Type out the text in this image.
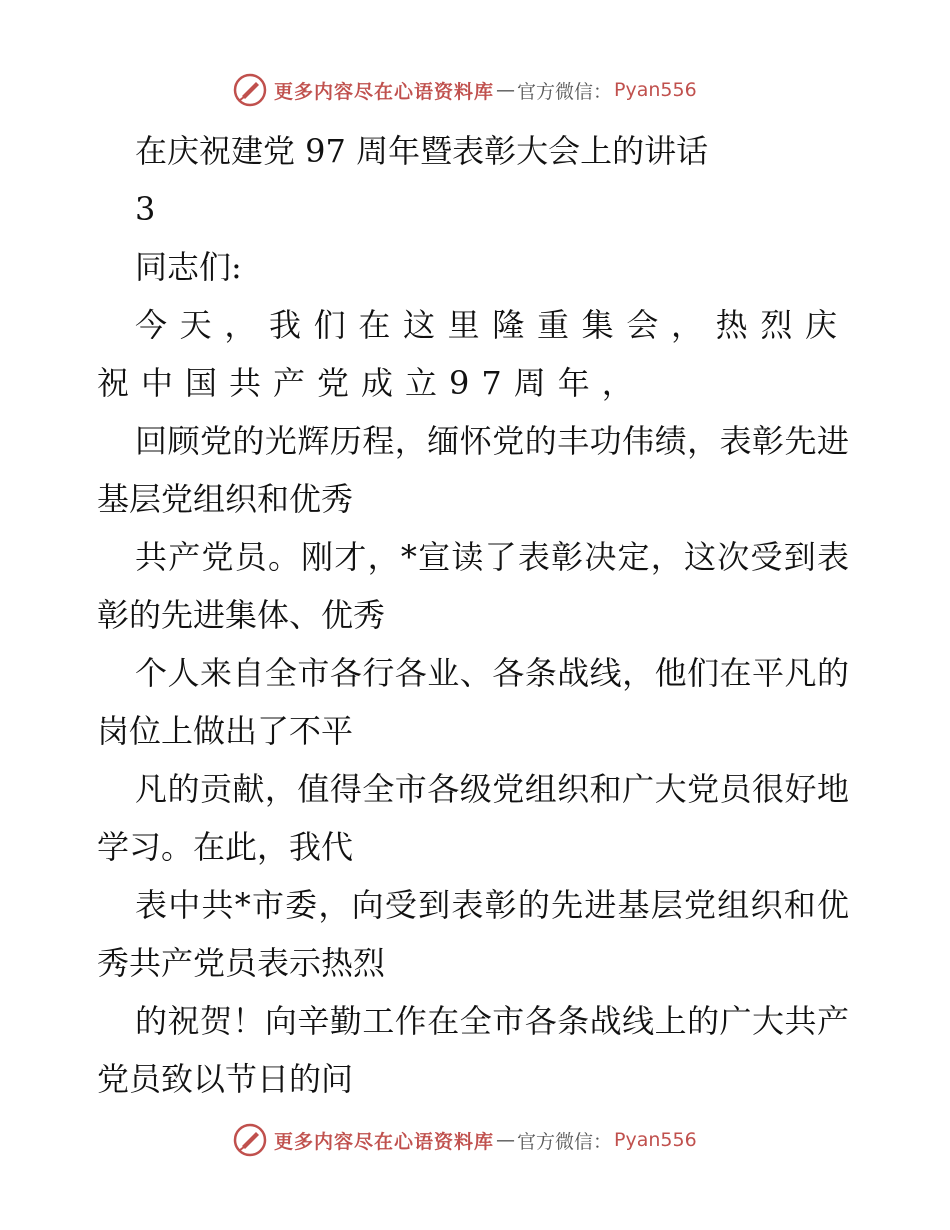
更多内容尽在心语资料库 — 官方微信： Pyan556

在庆祝建党 97 周年暨表彰大会上的讲话

3

同志们:

今天，我们在这里隆重集会，热烈庆祝中国共产党成立97周年，

回顾党的光辉历程，缅怀党的丰功伟绩，表彰先进基层党组织和优秀

共产党员。刚才，*宣读了表彰决定，这次受到表彰的先进集体、优秀

个人来自全市各行各业、各条战线，他们在平凡的岗位上做出了不平

凡的贡献，值得全市各级党组织和广大党员很好地学习。在此，我代

表中共*市委，向受到表彰的先进基层党组织和优秀共产党员表示热烈

的祝贺！向辛勤工作在全市各条战线上的广大共产党员致以节日的问

更多内容尽在心语资料库 — 官方微信： Pyan556
